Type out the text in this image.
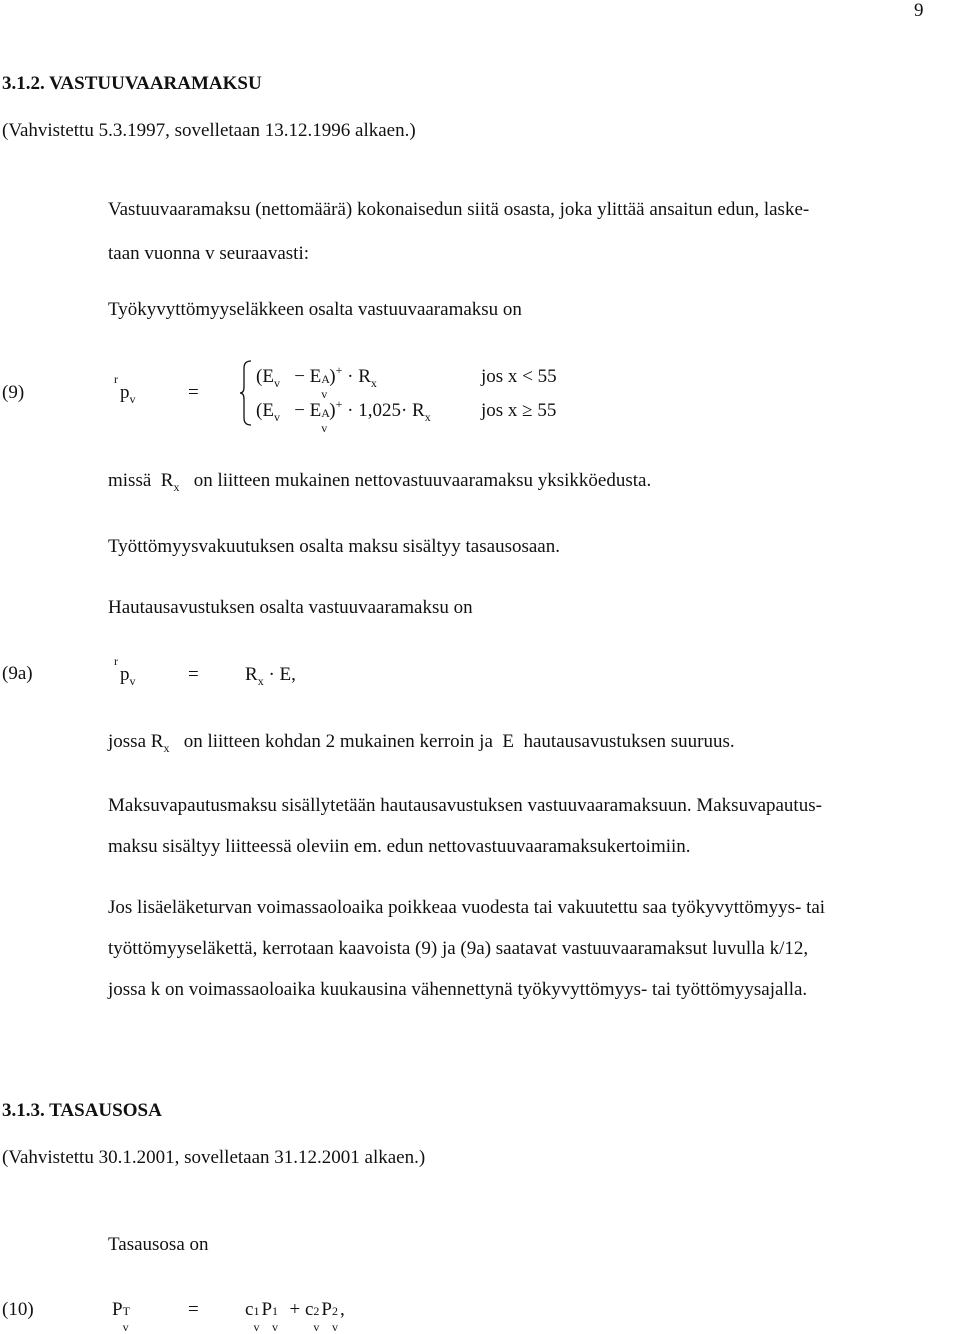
9
3.1.2. VASTUUVAARAMAKSU
(Vahvistettu 5.3.1997, sovelletaan 13.12.1996 alkaen.)
Vastuuvaaramaksu (nettomäärä) kokonaisedun siitä osasta, joka ylittää ansaitun edun, laske-
taan vuonna v seuraavasti:
Työkyvyttömyyseläkkeen osalta vastuuvaaramaksu on
(9)
r
$p_v$	=
($E_v - E$ A
v
)$^+ \cdot R_x$	jos x < 55
($E_v - E$ A
v
)$^+ \cdot 1,025\cdot R_x$	jos x ≥ 55
missä $R_x$ on liitteen mukainen nettovastuuvaaramaksu yksikköedusta.
Työttömyysvakuutuksen osalta maksu sisältyy tasausosaan.
Hautausavustuksen osalta vastuuvaaramaksu on
(9a)
r
$p_v$	= $R_x \cdot E$,
jossa $R_x$ on liitteen kohdan 2 mukainen kerroin ja E hautausavustuksen suuruus.
Maksuvapautusmaksu sisällytetään hautausavustuksen vastuuvaaramaksuun. Maksuvapautus-
maksu sisältyy liitteessä oleviin em. edun nettovastuuvaaramaksukertoimiin.
Jos lisäeläketurvan voimassaoloaika poikkeaa vuodesta tai vakuutettu saa työkyvyttömyys- tai
työttömyyseläkettä, kerrotaan kaavoista (9) ja (9a) saatavat vastuuvaaramaksut luvulla k/12,
jossa k on voimassaoloaika kuukausina vähennettynä työkyvyttömyys- tai työttömyysajalla.
3.1.3. TASAUSOSA
(Vahvistettu 30.1.2001, sovelletaan 31.12.2001 alkaen.)
Tasausosa on
(10)	P T
v
= c 1
v
P 1
v
+ c 2
v
P 2
v
,
